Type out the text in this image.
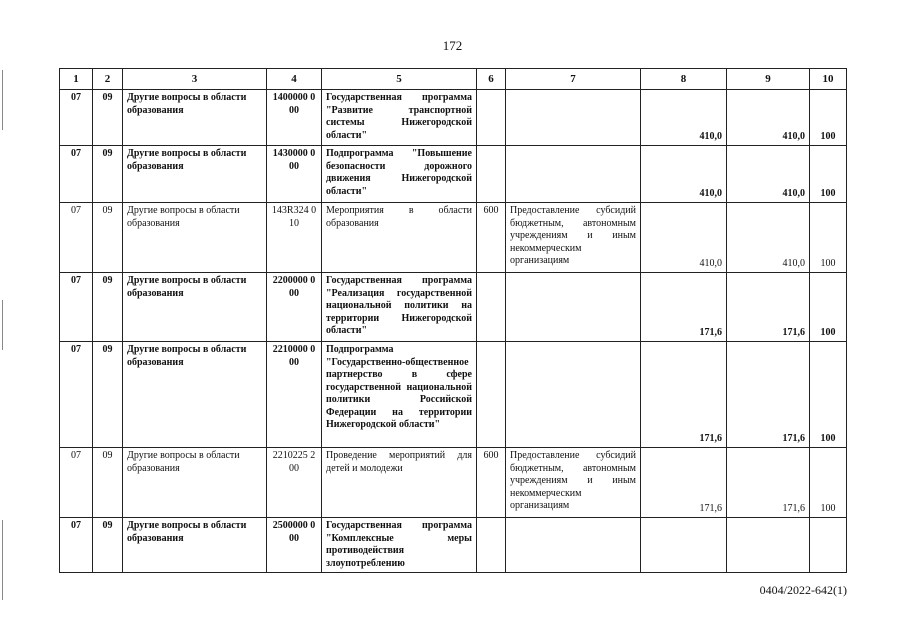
172
1	2	3	4	5	6	7	8	9	10
07	09	Другие вопросы в области образования	1400000 000	Государственная программа "Развитие транспортной системы Нижегородской области"			410,0	410,0	100
07	09	Другие вопросы в области образования	1430000 000	Подпрограмма "Повышение безопасности дорожного движения Нижегородской области"			410,0	410,0	100
07	09	Другие вопросы в области образования	143R324 010	Мероприятия в области образования	600	Предоставление субсидий бюджетным, автономным учреждениям и иным некоммерческим организациям	410,0	410,0	100
07	09	Другие вопросы в области образования	2200000 000	Государственная программа "Реализация государственной национальной политики на территории Нижегородской области"			171,6	171,6	100
07	09	Другие вопросы в области образования	2210000 000	Подпрограмма "Государственно-общественное партнерство в сфере государственной национальной политики Российской Федерации на территории Нижегородской области"			171,6	171,6	100
07	09	Другие вопросы в области образования	2210225 200	Проведение мероприятий для детей и молодежи	600	Предоставление субсидий бюджетным, автономным учреждениям и иным некоммерческим организациям	171,6	171,6	100
07	09	Другие вопросы в области образования	2500000 000	Государственная программа "Комплексные меры противодействия злоупотреблению					
0404/2022-642(1)
